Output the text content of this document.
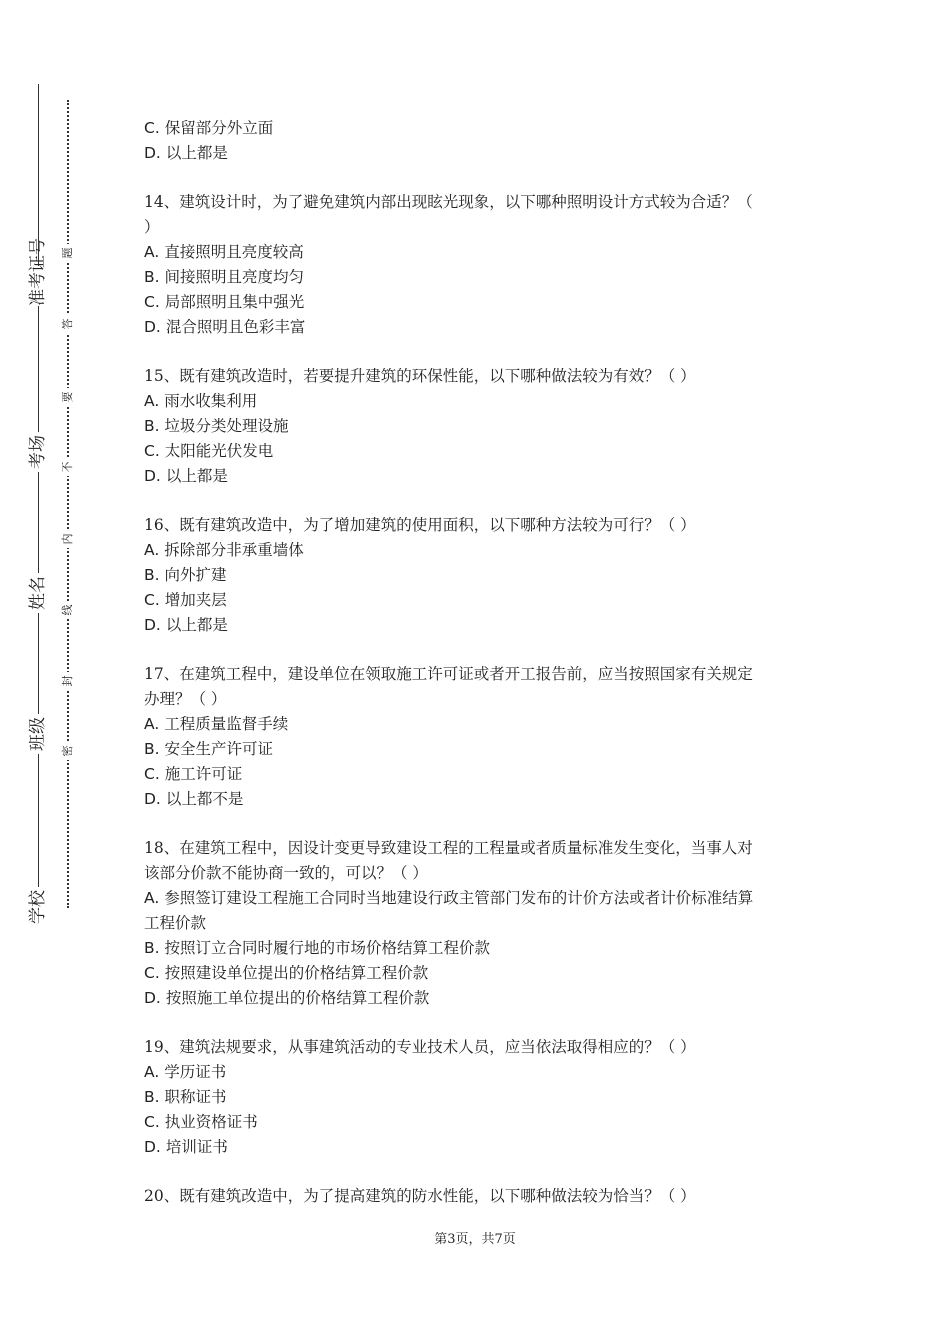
准考证号
考场
姓名
班级
学校
题
答
要
不
内
线
封
密

C. 保留部分外立面

D. 以上都是

14、建筑设计时，为了避免建筑内部出现眩光现象，以下哪种照明设计方式较为合适？（

）

A. 直接照明且亮度较高

B. 间接照明且亮度均匀

C. 局部照明且集中强光

D. 混合照明且色彩丰富

15、既有建筑改造时，若要提升建筑的环保性能，以下哪种做法较为有效？（ ）

A. 雨水收集利用

B. 垃圾分类处理设施

C. 太阳能光伏发电

D. 以上都是

16、既有建筑改造中，为了增加建筑的使用面积，以下哪种方法较为可行？（ ）

A. 拆除部分非承重墙体

B. 向外扩建

C. 增加夹层

D. 以上都是

17、在建筑工程中，建设单位在领取施工许可证或者开工报告前，应当按照国家有关规定

办理？（ ）

A. 工程质量监督手续

B. 安全生产许可证

C. 施工许可证

D. 以上都不是

18、在建筑工程中，因设计变更导致建设工程的工程量或者质量标准发生变化，当事人对

该部分价款不能协商一致的，可以？（ ）

A. 参照签订建设工程施工合同时当地建设行政主管部门发布的计价方法或者计价标准结算

工程价款

B. 按照订立合同时履行地的市场价格结算工程价款

C. 按照建设单位提出的价格结算工程价款

D. 按照施工单位提出的价格结算工程价款

19、建筑法规要求，从事建筑活动的专业技术人员，应当依法取得相应的？（ ）

A. 学历证书

B. 职称证书

C. 执业资格证书

D. 培训证书

20、既有建筑改造中，为了提高建筑的防水性能，以下哪种做法较为恰当？（ ）

第3页，共7页
